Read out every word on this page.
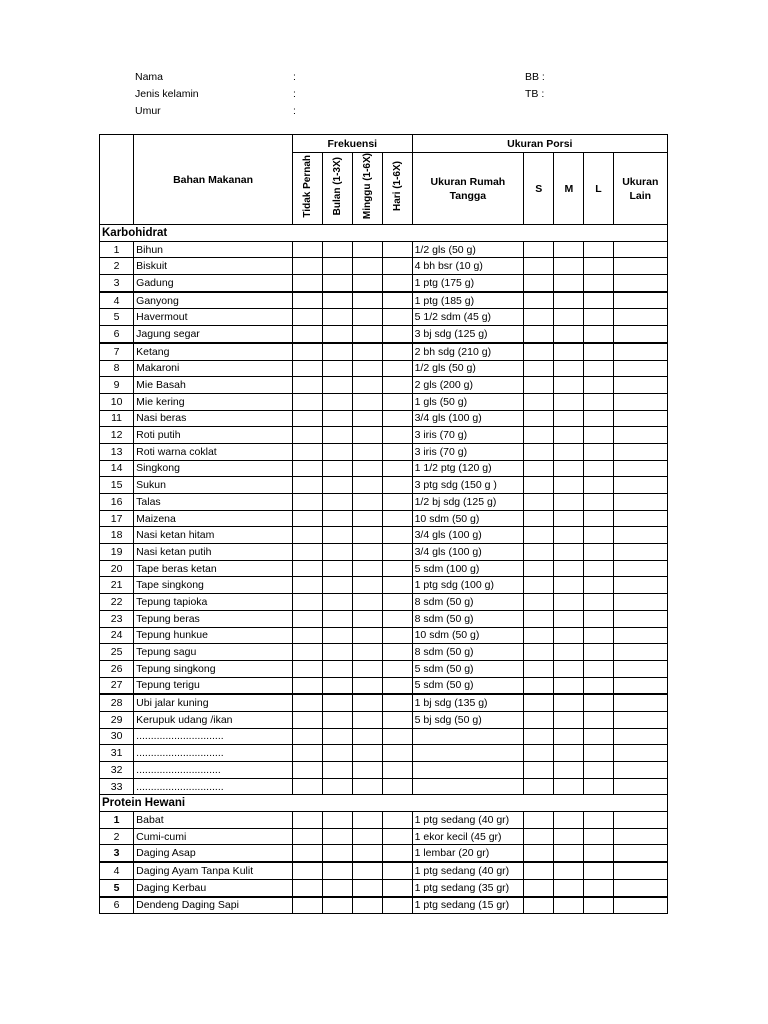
Nama	:
Jenis kelamin	:
Umur	:
BB :
TB :
	Bahan Makanan	Frekuensi				Ukuran Porsi				
		Tidak Pernah	Bulan (1-3X)	Minggu (1-6X)	Hari (1-6X)	Ukuran Rumah Tangga	S	M	L	Ukuran Lain
Karbohidrat										
1	Bihun					1/2 gls (50 g)				
2	Biskuit					4 bh bsr (10 g)				
3	Gadung					1 ptg (175 g)				
4	Ganyong					1 ptg (185 g)				
5	Havermout					5 1/2 sdm (45 g)				
6	Jagung segar					3 bj sdg (125 g)				
7	Ketang					2 bh sdg (210 g)				
8	Makaroni					1/2 gls (50 g)				
9	Mie Basah					2 gls (200 g)				
10	Mie kering					1 gls (50 g)				
11	Nasi beras					3/4 gls (100 g)				
12	Roti putih					3 iris (70 g)				
13	Roti warna coklat					3 iris (70 g)				
14	Singkong					1 1/2 ptg (120 g)				
15	Sukun					3 ptg sdg (150 g )				
16	Talas					1/2 bj sdg (125 g)				
17	Maizena					10 sdm (50 g)				
18	Nasi ketan hitam					3/4 gls (100 g)				
19	Nasi ketan putih					3/4 gls (100 g)				
20	Tape beras ketan					5 sdm (100 g)				
21	Tape singkong					1 ptg sdg (100 g)				
22	Tepung tapioka					8 sdm (50 g)				
23	Tepung beras					8 sdm (50 g)				
24	Tepung hunkue					10 sdm (50 g)				
25	Tepung sagu					8 sdm (50 g)				
26	Tepung singkong					5 sdm (50 g)				
27	Tepung terigu					5 sdm (50 g)				
28	Ubi jalar kuning					1 bj sdg (135 g)				
29	Kerupuk udang /ikan					5 bj sdg (50 g)				
30	..............................									
31	..............................									
32	.............................									
33	..............................									
Protein Hewani										
1	Babat					1 ptg sedang (40 gr)				
2	Cumi-cumi					1 ekor kecil (45 gr)				
3	Daging Asap					1 lembar (20 gr)				
4	Daging Ayam Tanpa Kulit					1 ptg sedang (40 gr)				
5	Daging Kerbau					1 ptg sedang (35 gr)				
6	Dendeng Daging Sapi					1 ptg sedang (15 gr)				
